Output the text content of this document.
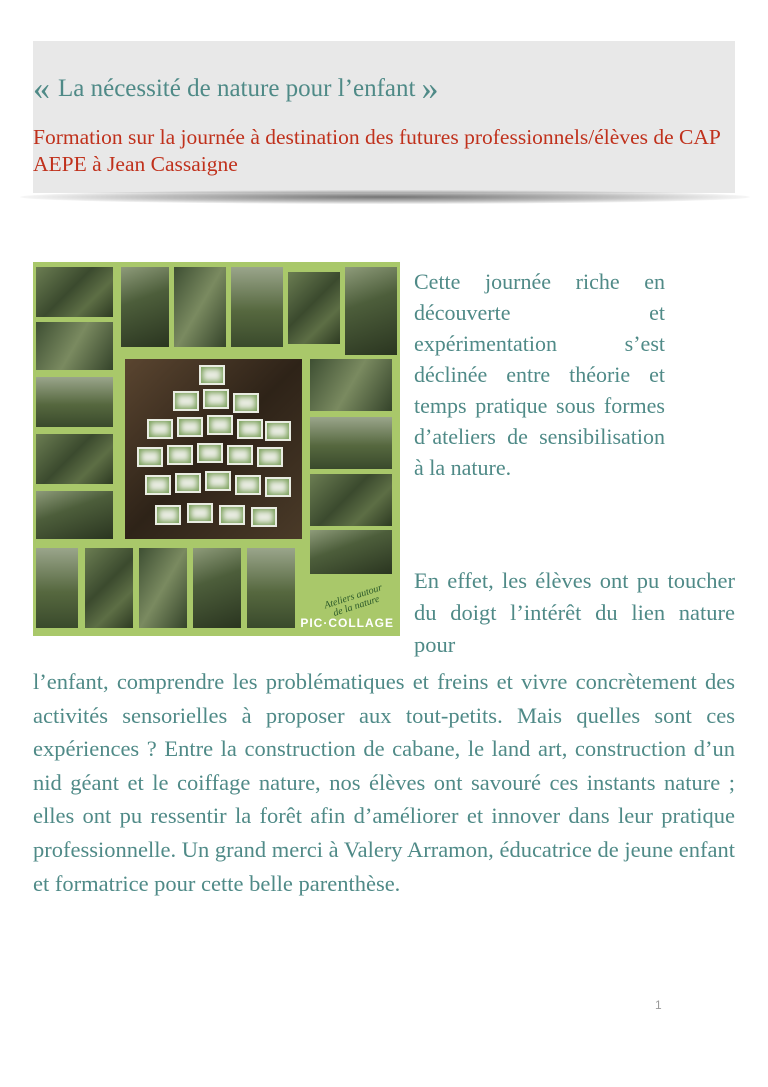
« La nécessité de nature pour l’enfant »
Formation sur la journée à destination des futures professionnels/élèves de CAP AEPE à Jean Cassaigne
Ateliers autour de la nature
PIC·COLLAGE

Cette journée riche en découverte et expérimentation s’est déclinée entre théorie et temps pratique sous formes d’ateliers de sensibilisation à la nature.

En effet, les élèves ont pu toucher du doigt l’intérêt du lien nature pour

l’enfant, comprendre les problématiques et freins et vivre concrètement des activités sensorielles à proposer aux tout-petits. Mais quelles sont ces expériences ? Entre la construction de cabane, le land art, construction d’un nid géant et le coiffage nature, nos élèves ont savouré ces instants nature ; elles ont pu ressentir la forêt afin d’améliorer et innover dans leur pratique professionnelle. Un grand merci à Valery Arramon, éducatrice de jeune enfant et formatrice pour cette belle parenthèse.

1
